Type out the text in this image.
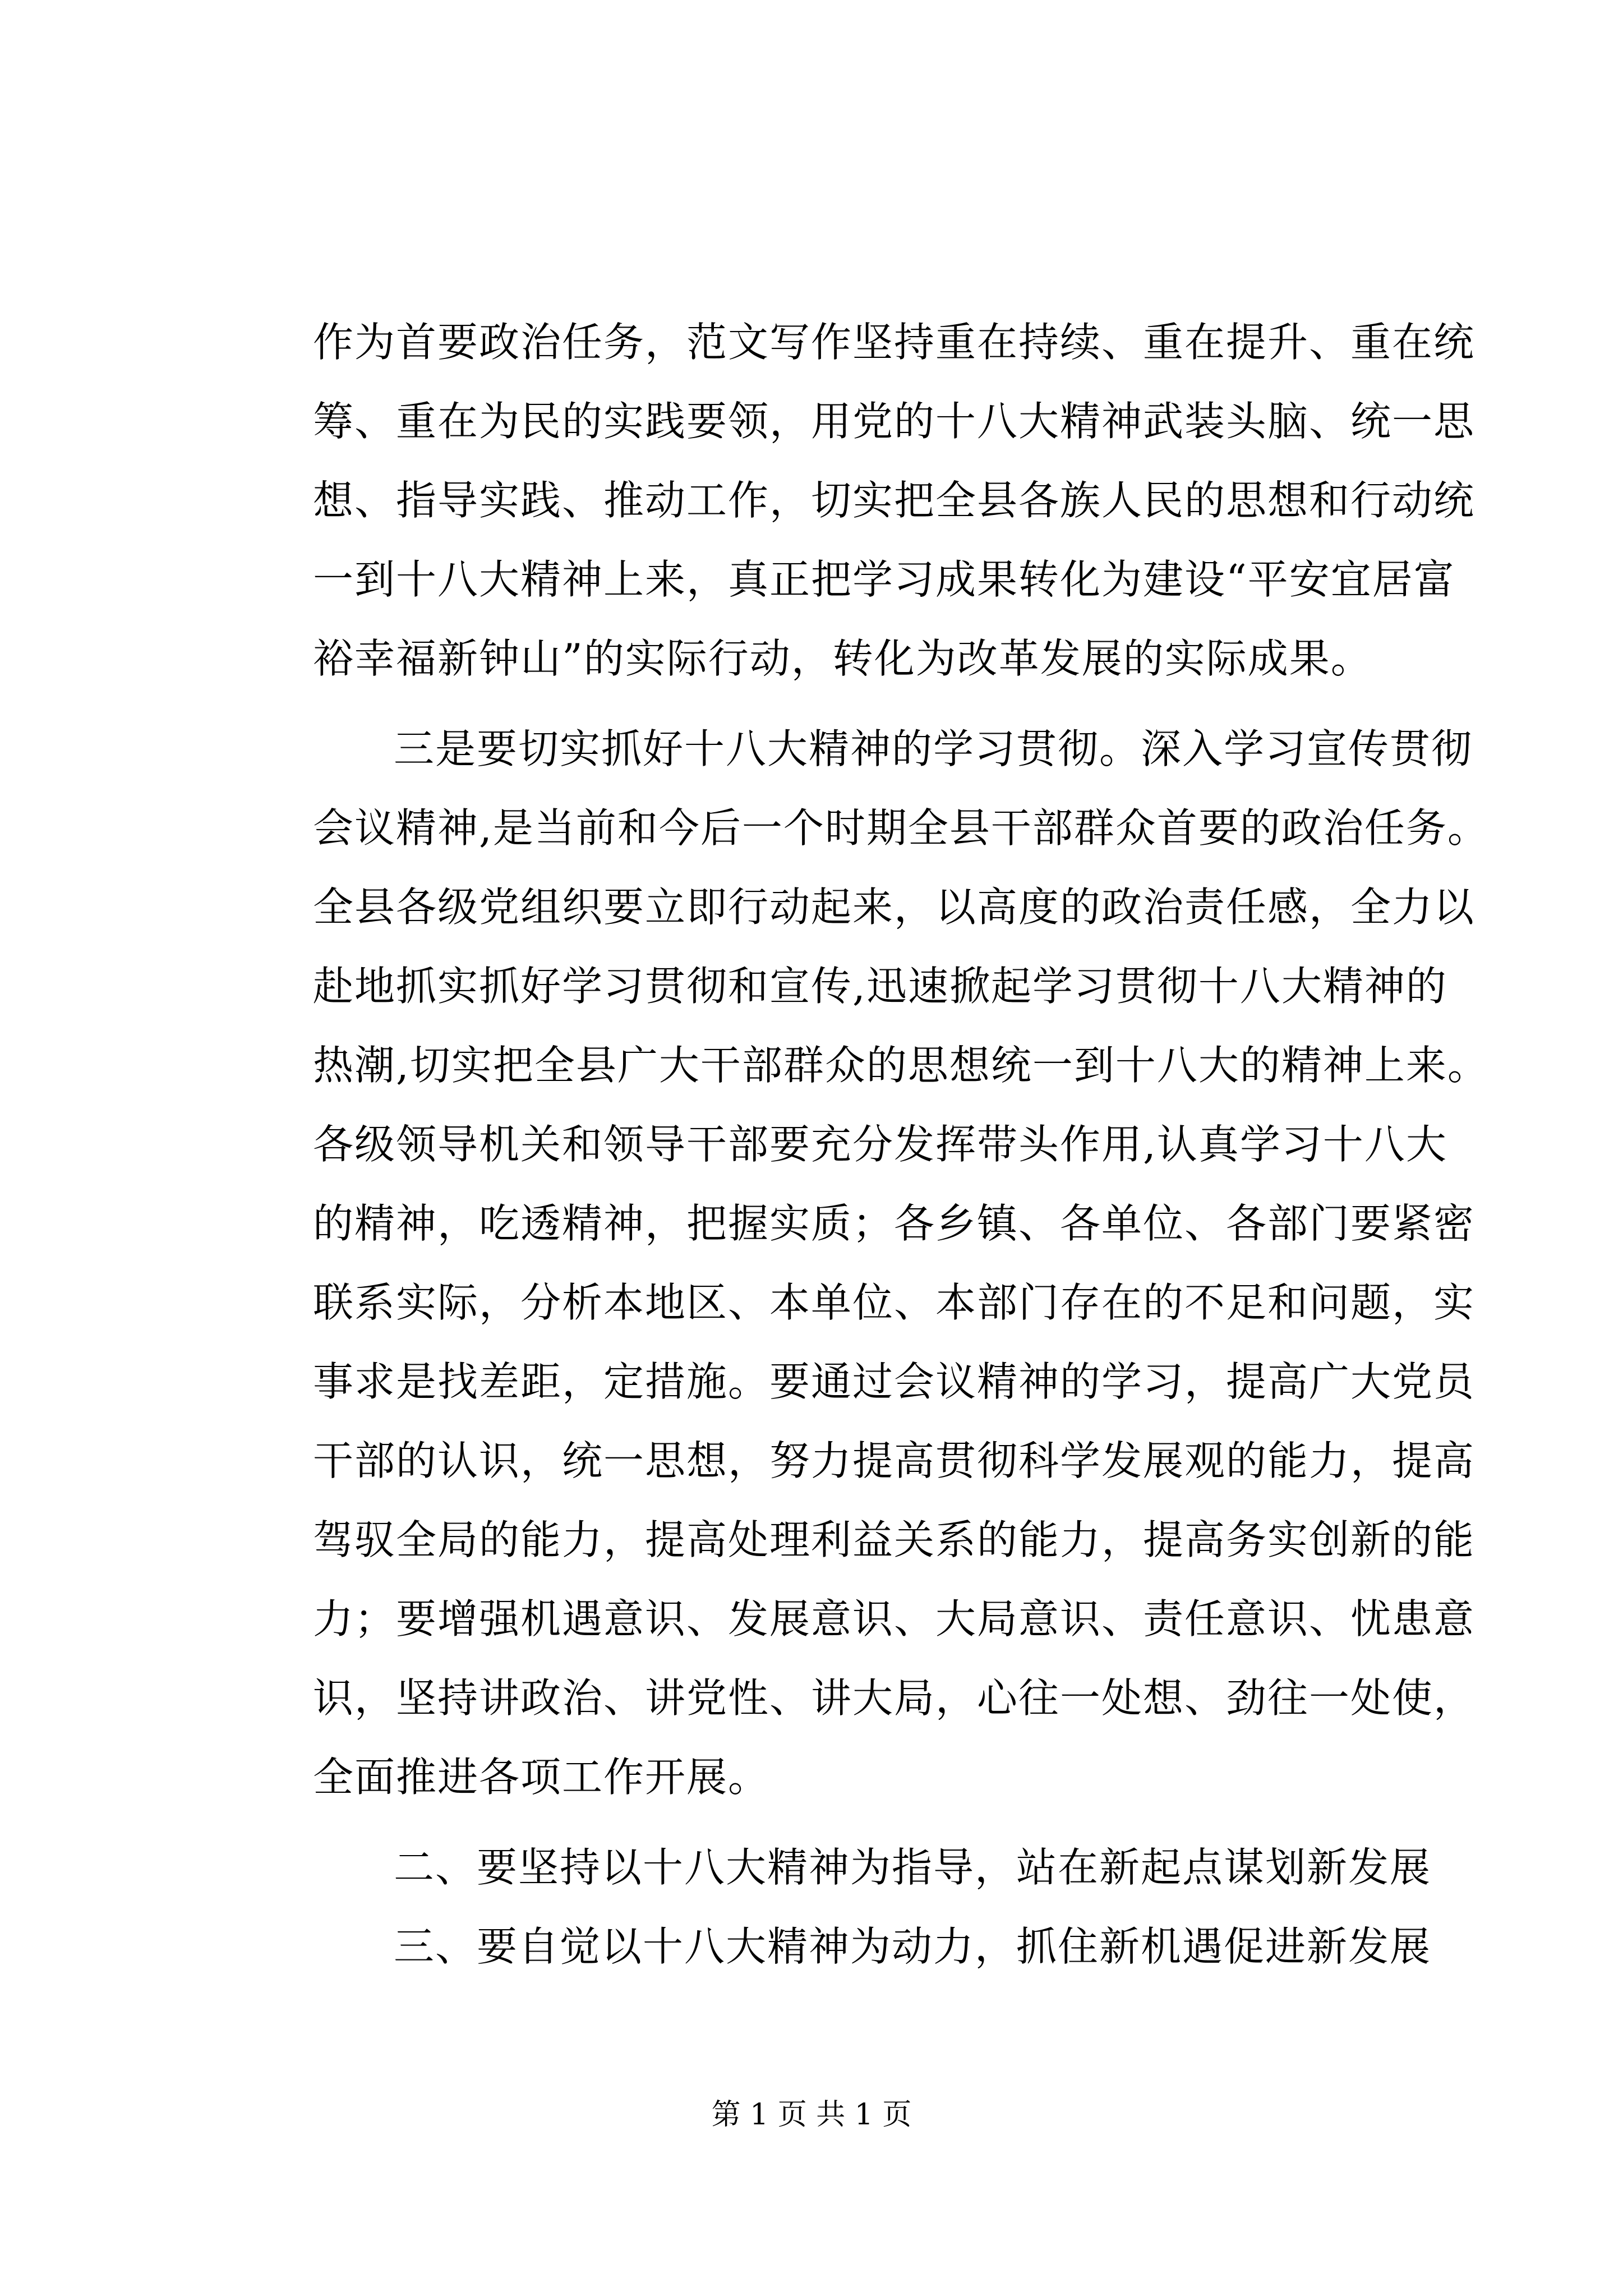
作为首要政治任务，范文写作坚持重在持续、重在提升、重在统
筹、重在为民的实践要领，用党的十八大精神武装头脑、统一思
想、指导实践、推动工作，切实把全县各族人民的思想和行动统
一到十八大精神上来，真正把学习成果转化为建设“平安宜居富
裕幸福新钟山”的实际行动，转化为改革发展的实际成果。
三是要切实抓好十八大精神的学习贯彻。深入学习宣传贯彻
会议精神,是当前和今后一个时期全县干部群众首要的政治任务。
全县各级党组织要立即行动起来，以高度的政治责任感，全力以
赴地抓实抓好学习贯彻和宣传,迅速掀起学习贯彻十八大精神的
热潮,切实把全县广大干部群众的思想统一到十八大的精神上来。
各级领导机关和领导干部要充分发挥带头作用,认真学习十八大
的精神，吃透精神，把握实质；各乡镇、各单位、各部门要紧密
联系实际，分析本地区、本单位、本部门存在的不足和问题，实
事求是找差距，定措施。要通过会议精神的学习，提高广大党员
干部的认识，统一思想，努力提高贯彻科学发展观的能力，提高
驾驭全局的能力，提高处理利益关系的能力，提高务实创新的能
力；要增强机遇意识、发展意识、大局意识、责任意识、忧患意
识，坚持讲政治、讲党性、讲大局，心往一处想、劲往一处使，
全面推进各项工作开展。
二、要坚持以十八大精神为指导，站在新起点谋划新发展
三、要自觉以十八大精神为动力，抓住新机遇促进新发展
第 1 页 共 1 页
